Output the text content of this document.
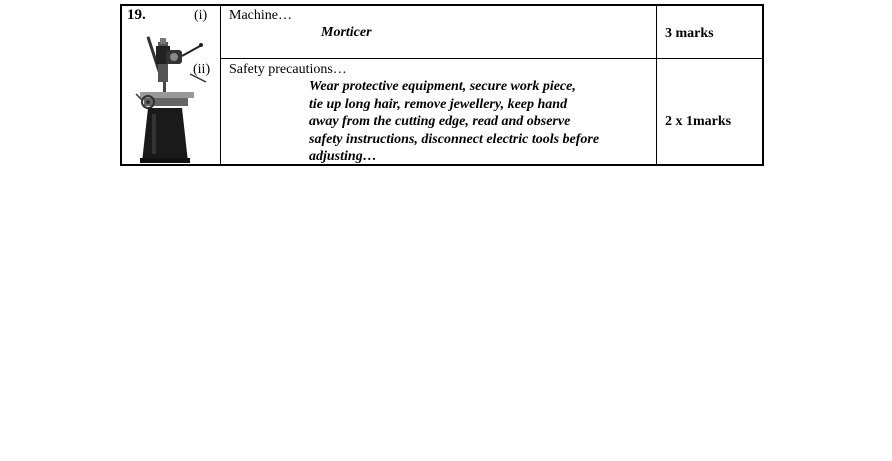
19.	(i) Machine…
Morticer	3 marks
(ii) Safety precautions…
Wear protective equipment, secure work piece,
tie up long hair, remove jewellery, keep hand
away from the cutting edge, read and observe
safety instructions, disconnect electric tools before
adjusting…
2 x 1marks
